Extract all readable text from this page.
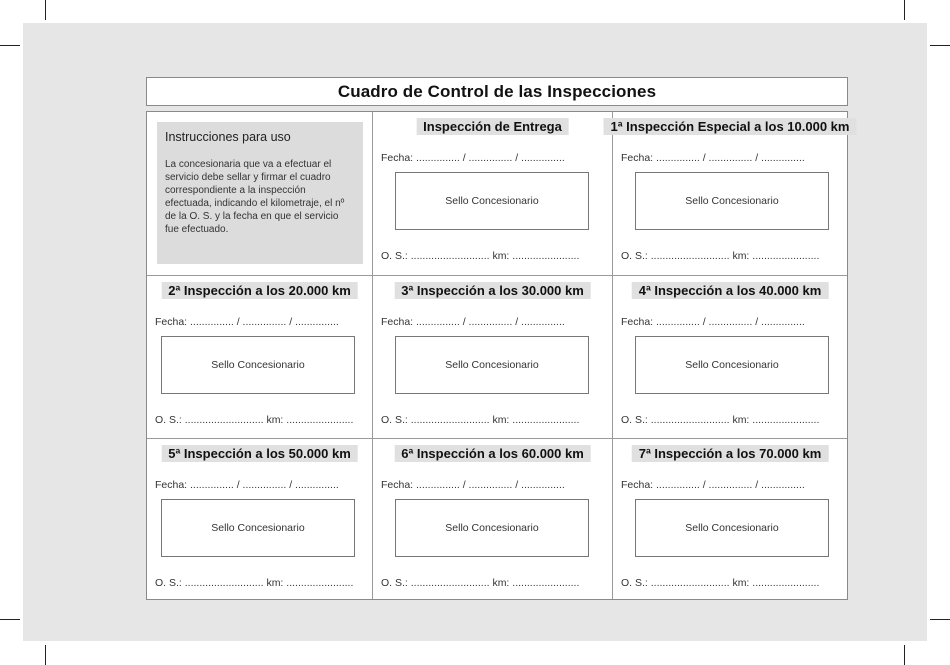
Cuadro de Control de las Inspecciones
Instrucciones para uso
La concesionaria que va a efectuar el servicio debe sellar y firmar el cuadro correspondiente a la inspección efectuada, indicando el kilometraje, el nº de la O. S. y la fecha en que el servicio fue efectuado.
Inspección de Entrega
Fecha: ............... / ............... / ...............
Sello Concesionario
O. S.: ........................... km: .......................
1ª Inspección Especial a los 10.000 km
Fecha: ............... / ............... / ...............
Sello Concesionario
O. S.: ........................... km: .......................
2ª Inspección a los 20.000 km
Fecha: ............... / ............... / ...............
Sello Concesionario
O. S.: ........................... km: .......................
3ª Inspección a los 30.000 km
Fecha: ............... / ............... / ...............
Sello Concesionario
O. S.: ........................... km: .......................
4ª Inspección a los 40.000 km
Fecha: ............... / ............... / ...............
Sello Concesionario
O. S.: ........................... km: .......................
5ª Inspección a los 50.000 km
Fecha: ............... / ............... / ...............
Sello Concesionario
O. S.: ........................... km: .......................
6ª Inspección a los 60.000 km
Fecha: ............... / ............... / ...............
Sello Concesionario
O. S.: ........................... km: .......................
7ª Inspección a los 70.000 km
Fecha: ............... / ............... / ...............
Sello Concesionario
O. S.: ........................... km: .......................
